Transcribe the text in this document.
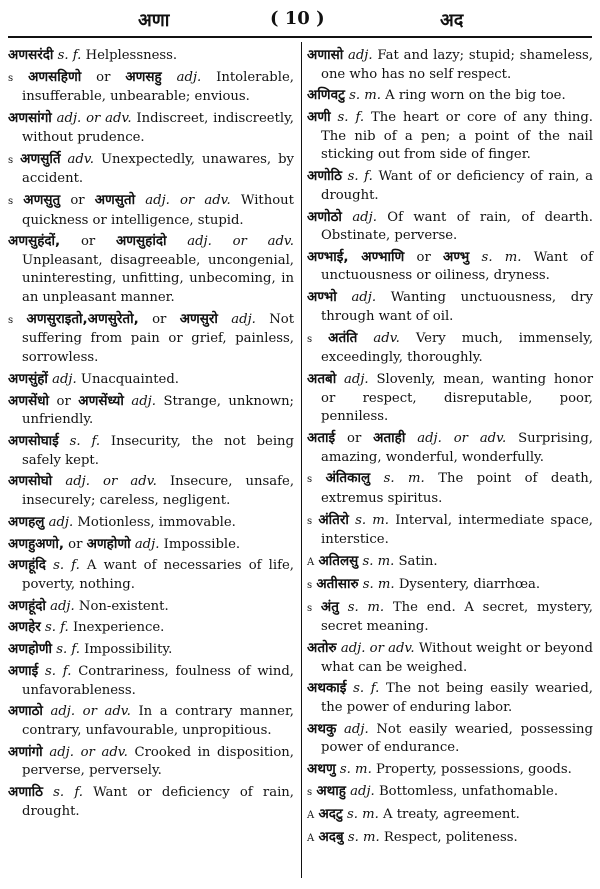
अणा	( 10 )	अद

अणसरंदी s. f. Helplessness.

s अणसहिणो or अणसहु adj. Intolerable, insufferable, unbearable; envious.

अणसांगो adj. or adv. Indiscreet, indiscreetly, without prudence.

s अणसुर्ति adv. Unexpectedly, unawares, by accident.

s अणसुतु or अणसुतो adj. or adv. Without quickness or intelligence, stupid.

अणसुहंदों, or अणसुहांदो adj. or adv. Unpleasant, disagreeable, uncongenial, uninteresting, unfitting, unbecoming, in an unpleasant manner.

s अणसुराइतो,अणसुरेतो, or अणसुरो adj. Not suffering from pain or grief, painless, sorrowless.

अणसुंहों adj. Unacquainted.

अणसेंधो or अणसेंध्यो adj. Strange, unknown; unfriendly.

अणसोघाई s. f. Insecurity, the not being safely kept.

अणसोघो adj. or adv. Insecure, unsafe, insecurely; careless, negligent.

अणहलु adj. Motionless, immovable.

अणहुअणो, or अणहोणो adj. Impossible.

अणहूंदि s. f. A want of necessaries of life, poverty, nothing.

अणहूंदो adj. Non-existent.

अणहेर s. f. Inexperience.

अणहोणी s. f. Impossibility.

अणाई s. f. Contrariness, foulness of wind, unfavorableness.

अणाठो adj. or adv. In a contrary manner, contrary, unfavourable, unpropitious.

अणांगो adj. or adv. Crooked in disposition, perverse, perversely.

अणाठि s. f. Want or deficiency of rain, drought.

अणासो adj. Fat and lazy; stupid; shameless, one who has no self respect.

अणिवटु s. m. A ring worn on the big toe.

अणी s. f. The heart or core of any thing. The nib of a pen; a point of the nail sticking out from side of finger.

अणोठि s. f. Want of or deficiency of rain, a drought.

अणोठो adj. Of want of rain, of dearth. Obstinate, perverse.

अण्भाई, अण्भाणि or अण्भु s. m. Want of unctuousness or oiliness, dryness.

अण्भो adj. Wanting unctuousness, dry through want of oil.

s अतंति adv. Very much, immensely, exceedingly, thoroughly.

अतबो adj. Slovenly, mean, wanting honor or respect, disreputable, poor, penniless.

अताई or अताही adj. or adv. Surprising, amazing, wonderful, wonderfully.

s अंतिकालु s. m. The point of death, extremus spiritus.

s अंतिरो s. m. Interval, intermediate space, interstice.

A अतिलसु s. m. Satin.

s अतीसारु s. m. Dysentery, diarrhœa.

s अंतु s. m. The end. A secret, mystery, secret meaning.

अतोरु adj. or adv. Without weight or beyond what can be weighed.

अथकाई s. f. The not being easily wearied, the power of enduring labor.

अथकु adj. Not easily wearied, possessing power of endurance.

अथणु s. m. Property, possessions, goods.

s अथाहु adj. Bottomless, unfathomable.

A अदटु s. m. A treaty, agreement.

A अदबु s. m. Respect, politeness.
